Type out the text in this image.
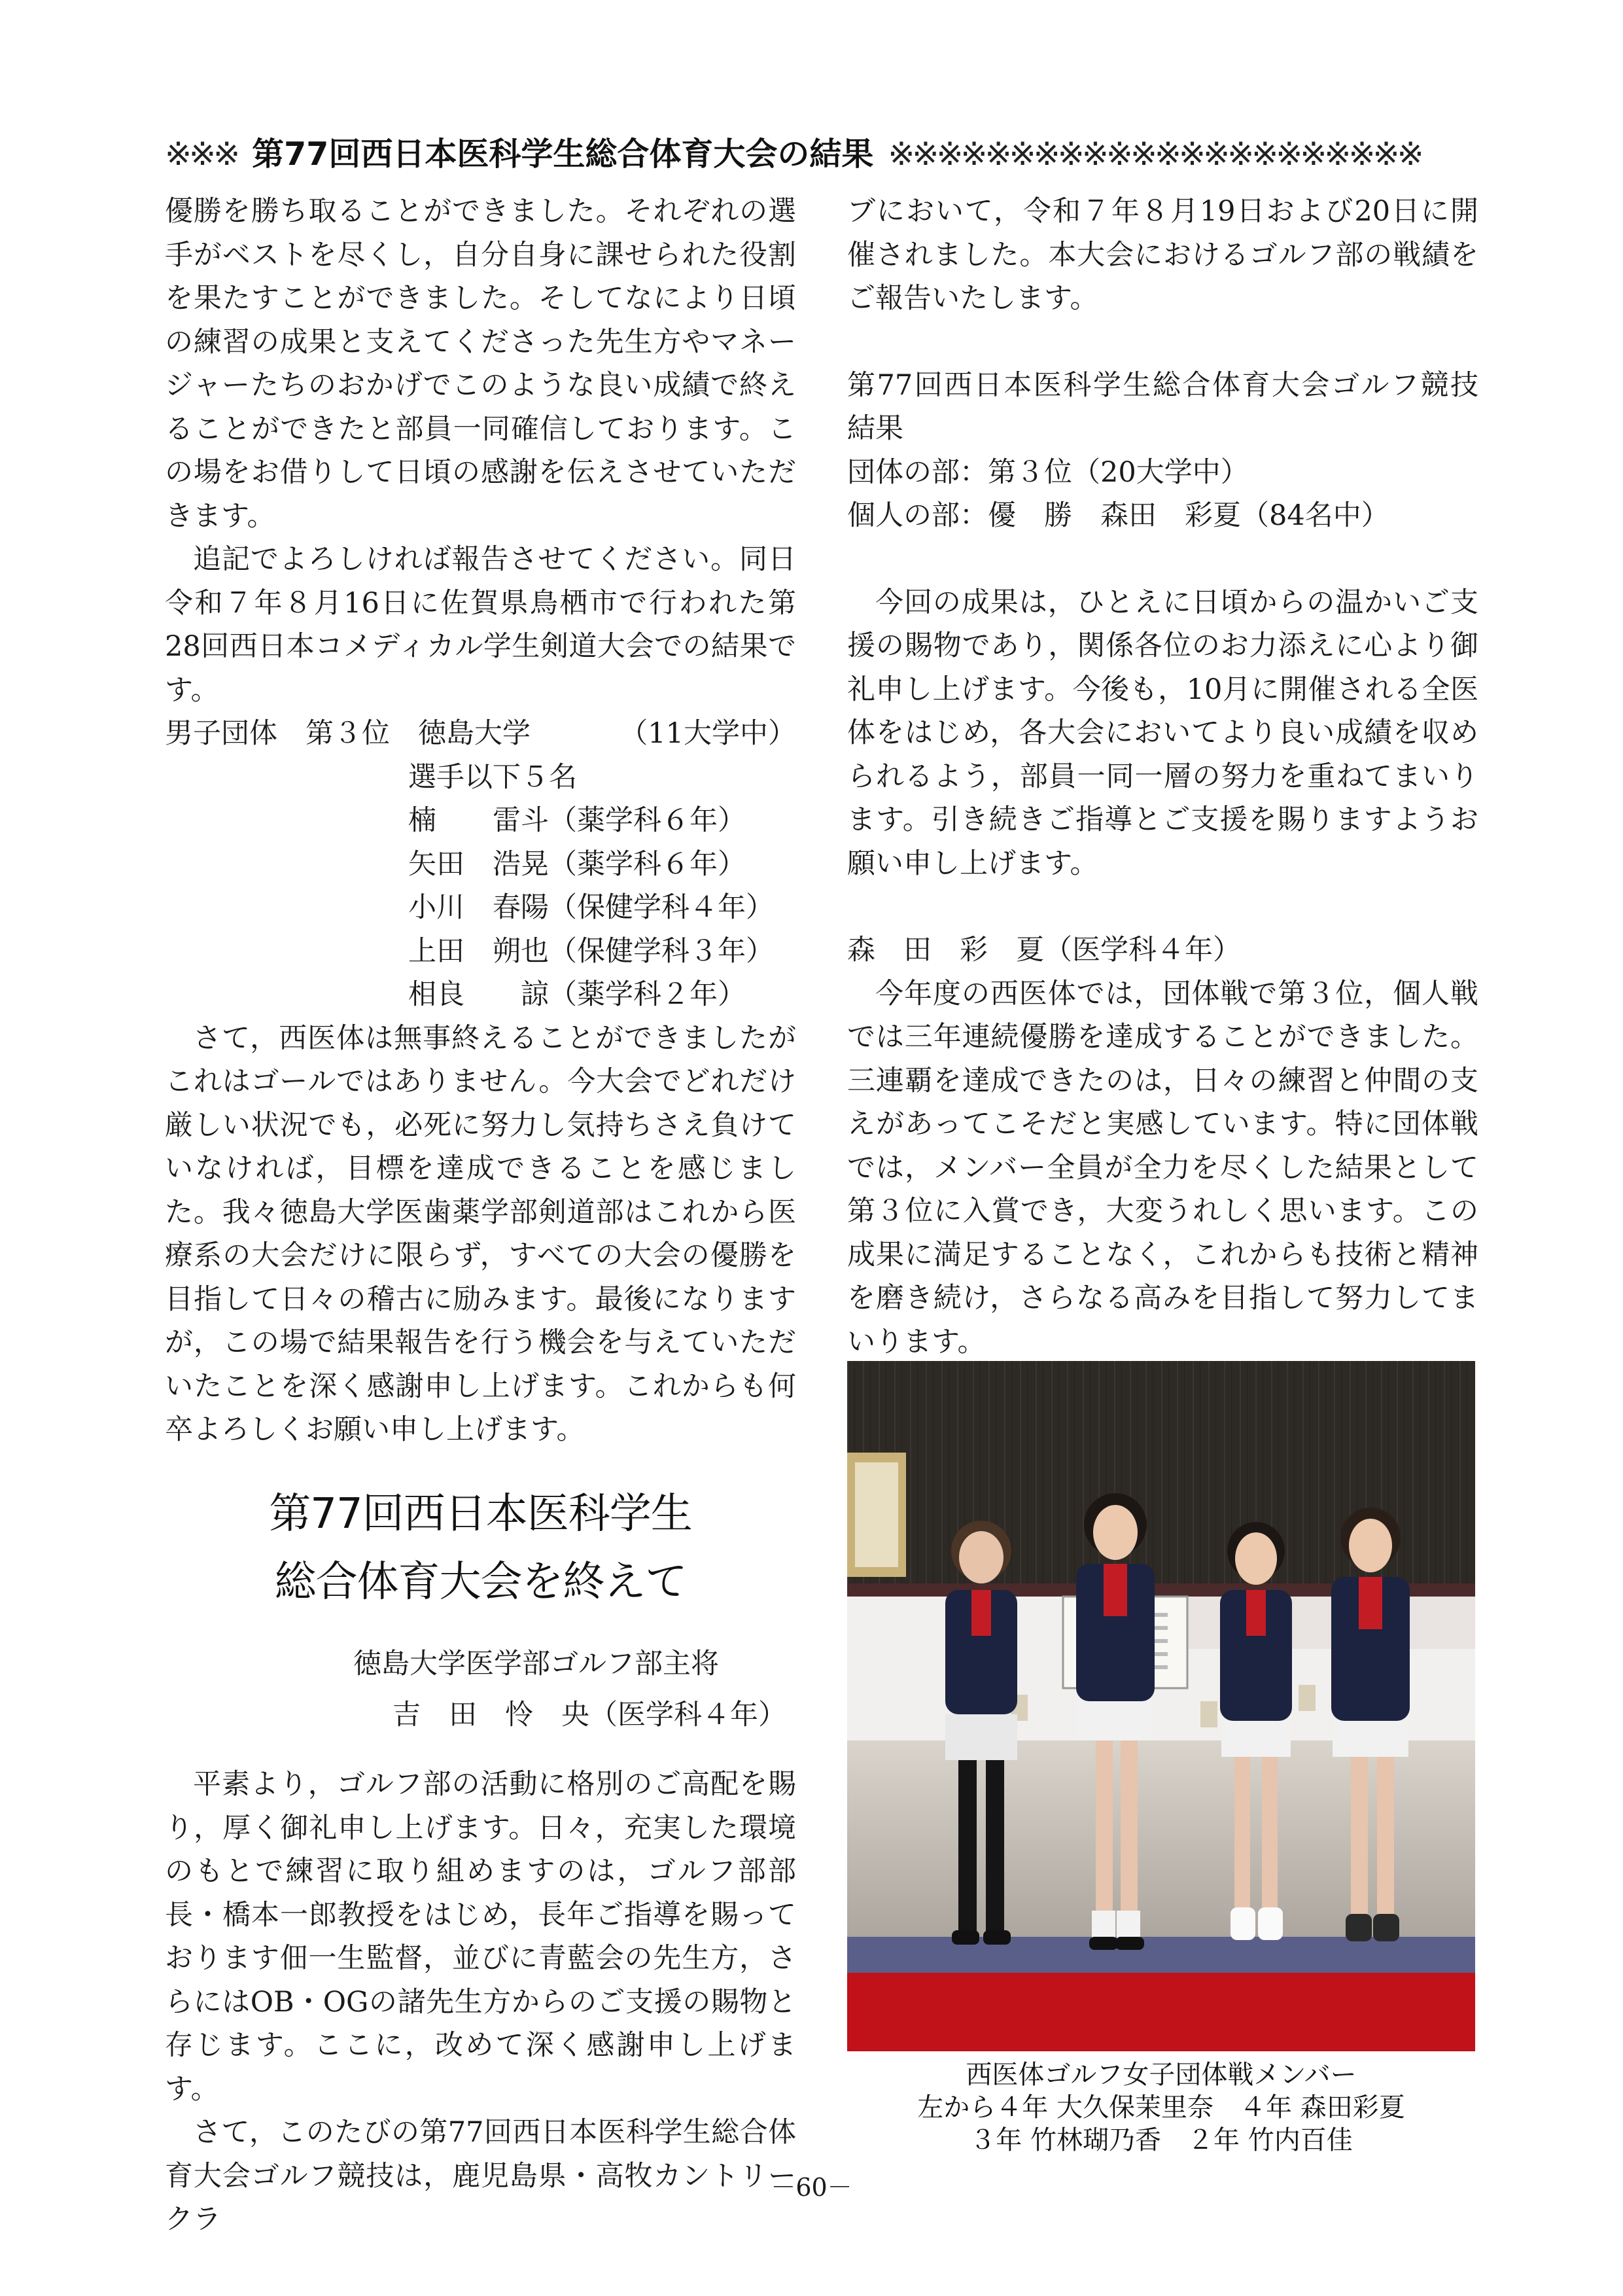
※※※ 第77回西日本医科学生総合体育大会の結果 ※※※※※※※※※※※※※※※※※※※※※※

優勝を勝ち取ることができました。それぞれの選手がベストを尽くし，自分自身に課せられた役割を果たすことができました。そしてなにより日頃の練習の成果と支えてくださった先生方やマネージャーたちのおかげでこのような良い成績で終えることができたと部員一同確信しております。この場をお借りして日頃の感謝を伝えさせていただきます。

追記でよろしければ報告させてください。同日令和７年８月16日に佐賀県鳥栖市で行われた第28回西日本コメディカル学生剣道大会での結果です。

男子団体　第３位　徳島大学	（11大学中）
選手以下５名
楠　　雷斗（薬学科６年）
矢田　浩晃（薬学科６年）
小川　春陽（保健学科４年）
上田　朔也（保健学科３年）
相良　　諒（薬学科２年）

さて，西医体は無事終えることができましたがこれはゴールではありません。今大会でどれだけ厳しい状況でも，必死に努力し気持ちさえ負けていなければ，目標を達成できることを感じました。我々徳島大学医歯薬学部剣道部はこれから医療系の大会だけに限らず，すべての大会の優勝を目指して日々の稽古に励みます。最後になりますが，この場で結果報告を行う機会を与えていただいたことを深く感謝申し上げます。これからも何卒よろしくお願い申し上げます。

第77回西日本医科学生
総合体育大会を終えて
徳島大学医学部ゴルフ部主将
吉　田　怜　央（医学科４年）

平素より，ゴルフ部の活動に格別のご高配を賜り，厚く御礼申し上げます。日々，充実した環境のもとで練習に取り組めますのは，ゴルフ部部長・橋本一郎教授をはじめ，長年ご指導を賜っております佃一生監督，並びに青藍会の先生方，さらにはOB・OGの諸先生方からのご支援の賜物と存じます。ここに，改めて深く感謝申し上げます。

さて，このたびの第77回西日本医科学生総合体育大会ゴルフ競技は，鹿児島県・高牧カントリークラ

ブにおいて，令和７年８月19日および20日に開催されました。本大会におけるゴルフ部の戦績をご報告いたします。

第77回西日本医科学生総合体育大会ゴルフ競技　結果

団体の部：第３位（20大学中）

個人の部：優　勝　森田　彩夏（84名中）

今回の成果は，ひとえに日頃からの温かいご支援の賜物であり，関係各位のお力添えに心より御礼申し上げます。今後も，10月に開催される全医体をはじめ，各大会においてより良い成績を収められるよう，部員一同一層の努力を重ねてまいります。引き続きご指導とご支援を賜りますようお願い申し上げます。

森　田　彩　夏（医学科４年）

今年度の西医体では，団体戦で第３位，個人戦では三年連続優勝を達成することができました。三連覇を達成できたのは，日々の練習と仲間の支えがあってこそだと実感しています。特に団体戦では，メンバー全員が全力を尽くした結果として第３位に入賞でき，大変うれしく思います。この成果に満足することなく，これからも技術と精神を磨き続け，さらなる高みを目指して努力してまいります。

西医体ゴルフ女子団体戦メンバー
左から４年 大久保茉里奈　４年 森田彩夏
３年 竹林瑚乃香　２年 竹内百佳
－60－
